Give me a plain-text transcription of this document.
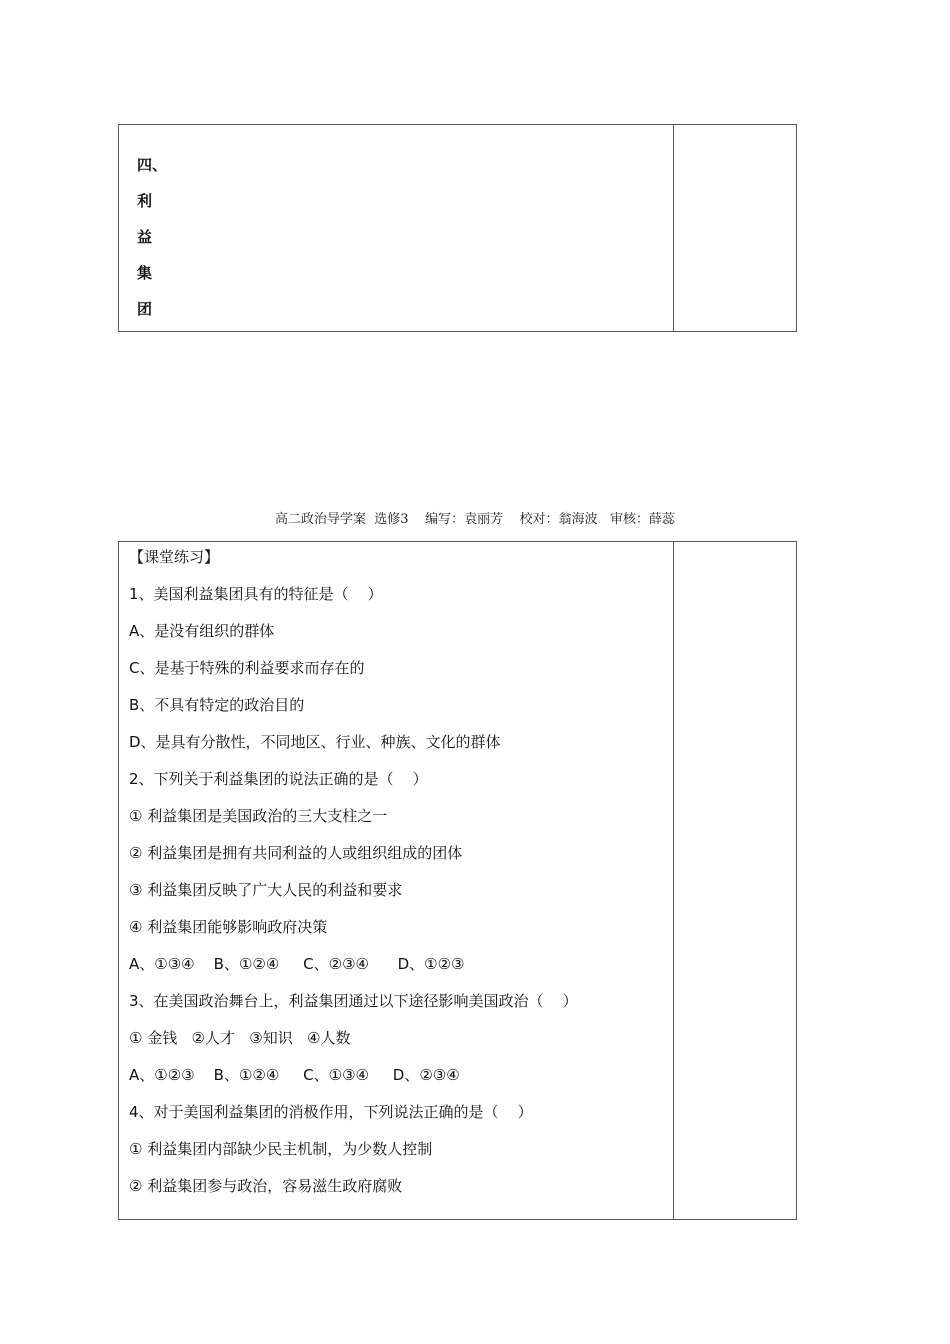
四、
利
益
集
团
高二政治导学案  选修3    编写：袁丽芳    校对：翁海波   审核：薛蕊
【课堂练习】
1、美国利益集团具有的特征是（    ）
A、是没有组织的群体
C、是基于特殊的利益要求而存在的
B、不具有特定的政治目的
D、是具有分散性，不同地区、行业、种族、文化的群体
2、下列关于利益集团的说法正确的是（    ）
① 利益集团是美国政治的三大支柱之一
② 利益集团是拥有共同利益的人或组织组成的团体
③ 利益集团反映了广大人民的利益和要求
④ 利益集团能够影响政府决策
A、①③④    B、①②④     C、②③④      D、①②③
3、在美国政治舞台上，利益集团通过以下途径影响美国政治（    ）
① 金钱   ②人才   ③知识   ④人数
A、①②③    B、①②④     C、①③④     D、②③④
4、对于美国利益集团的消极作用，下列说法正确的是（    ）
① 利益集团内部缺少民主机制，为少数人控制
② 利益集团参与政治，容易滋生政府腐败
